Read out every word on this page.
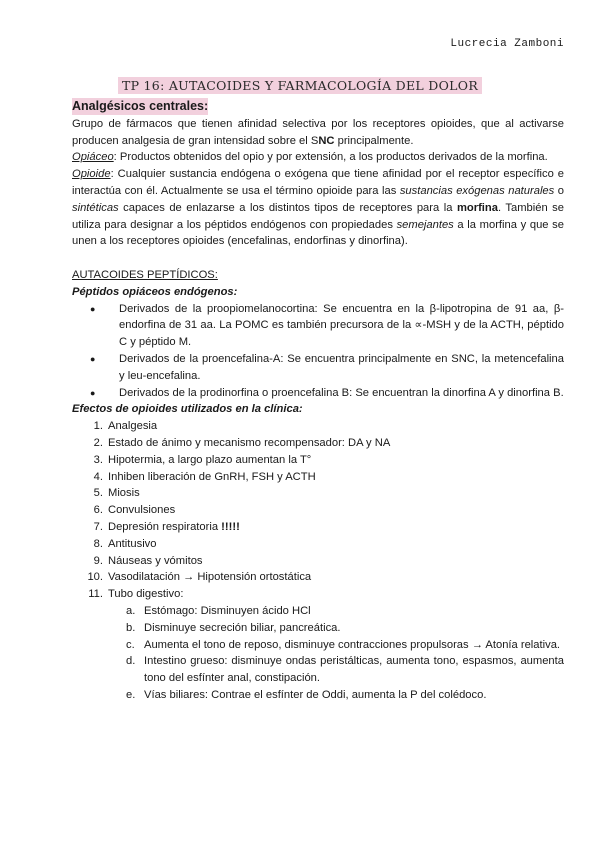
Lucrecia Zamboni
TP 16: AUTACOIDES Y FARMACOLOGÍA DEL DOLOR
Analgésicos centrales:

Grupo de fármacos que tienen afinidad selectiva por los receptores opioides, que al activarse producen analgesia de gran intensidad sobre el SNC principalmente.

Opiáceo: Productos obtenidos del opio y por extensión, a los productos derivados de la morfina.

Opioide: Cualquier sustancia endógena o exógena que tiene afinidad por el receptor específico e interactúa con él. Actualmente se usa el término opioide para las sustancias exógenas naturales o sintéticas capaces de enlazarse a los distintos tipos de receptores para la morfina. También se utiliza para designar a los péptidos endógenos con propiedades semejantes a la morfina y que se unen a los receptores opioides (encefalinas, endorfinas y dinorfina).

AUTACOIDES PEPTÍDICOS:
Péptidos opiáceos endógenos:
● Derivados de la proopiomelanocortina: Se encuentra en la β-lipotropina de 91 aa, β-endorfina de 31 aa. La POMC es también precursora de la ∝-MSH y de la ACTH, péptido C y péptido M.
● Derivados de la proencefalina-A: Se encuentra principalmente en SNC, la metencefalina y leu-encefalina.
● Derivados de la prodinorfina o proencefalina B: Se encuentran la dinorfina A y dinorfina B.
Efectos de opioides utilizados en la clínica:
1. Analgesia
2. Estado de ánimo y mecanismo recompensador: DA y NA
3. Hipotermia, a largo plazo aumentan la T°
4. Inhiben liberación de GnRH, FSH y ACTH
5. Miosis
6. Convulsiones
7. Depresión respiratoria !!!!!
8. Antitusivo
9. Náuseas y vómitos
10. Vasodilatación → Hipotensión ortostática
11. Tubo digestivo:
a. Estómago: Disminuyen ácido HCl
b. Disminuye secreción biliar, pancreática.
c. Aumenta el tono de reposo, disminuye contracciones propulsoras → Atonía relativa.
d. Intestino grueso: disminuye ondas peristálticas, aumenta tono, espasmos, aumenta tono del esfínter anal, constipación.
e. Vías biliares: Contrae el esfínter de Oddi, aumenta la P del colédoco.
